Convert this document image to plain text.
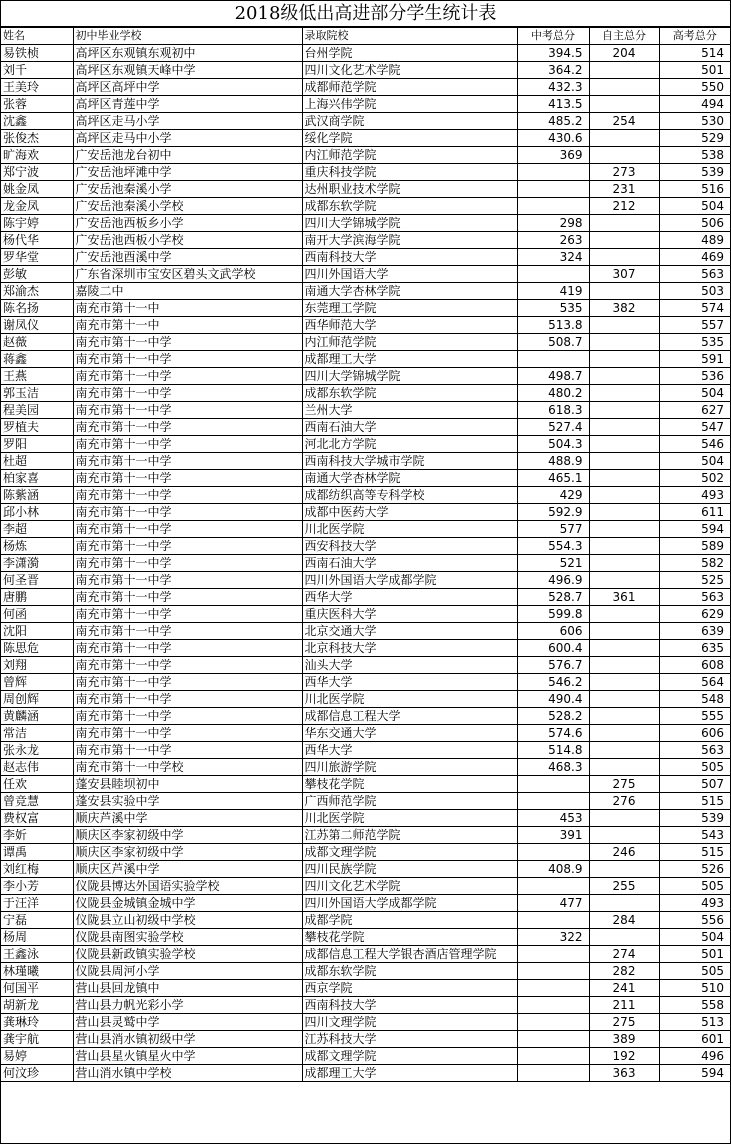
2018级低出高进部分学生统计表
姓名	初中毕业学校	录取院校	中考总分	自主总分	高考总分
易铁桢	高坪区东观镇东观初中	台州学院	394.5	204	514
刘千	高坪区东观镇天峰中学	四川文化艺术学院	364.2		501
王美玲	高坪区高坪中学	成都师范学院	432.3		550
张蓉	高坪区青莲中学	上海兴伟学院	413.5		494
沈鑫	高坪区走马小学	武汉商学院	485.2	254	530
张俊杰	高坪区走马中小学	绥化学院	430.6		529
旷海欢	广安岳池龙台初中	内江师范学院	369		538
郑宁波	广安岳池坪滩中学	重庆科技学院		273	539
姚金凤	广安岳池秦溪小学	达州职业技术学院		231	516
龙金凤	广安岳池秦溪小学校	成都东软学院		212	504
陈宇婷	广安岳池西板乡小学	四川大学锦城学院	298		506
杨代华	广安岳池西板小学校	南开大学滨海学院	263		489
罗华堂	广安岳池酉溪中学	西南科技大学	324		469
彭敏	广东省深圳市宝安区碧头文武学校	四川外国语大学		307	563
郑渝杰	嘉陵二中	南通大学杏林学院	419		503
陈名扬	南充市第十一中	东莞理工学院	535	382	574
谢凤仪	南充市第十一中	西华师范大学	513.8		557
赵薇	南充市第十一中学	内江师范学院	508.7		535
蒋鑫	南充市第十一中学	成都理工大学			591
王燕	南充市第十一中学	四川大学锦城学院	498.7		536
郭玉洁	南充市第十一中学	成都东软学院	480.2		504
程美园	南充市第十一中学	兰州大学	618.3		627
罗植夫	南充市第十一中学	西南石油大学	527.4		547
罗阳	南充市第十一中学	河北北方学院	504.3		546
杜超	南充市第十一中学	西南科技大学城市学院	488.9		504
柏家喜	南充市第十一中学	南通大学杏林学院	465.1		502
陈紫涵	南充市第十一中学	成都纺织高等专科学校	429		493
邱小林	南充市第十一中学	成都中医药大学	592.9		611
李超	南充市第十一中学	川北医学院	577		594
杨炼	南充市第十一中学	西安科技大学	554.3		589
李潇漪	南充市第十一中学	西南石油大学	521		582
何圣晋	南充市第十一中学	四川外国语大学成都学院	496.9		525
唐鹏	南充市第十一中学	西华大学	528.7	361	563
何函	南充市第十一中学	重庆医科大学	599.8		629
沈阳	南充市第十一中学	北京交通大学	606		639
陈思危	南充市第十一中学	北京科技大学	600.4		635
刘翔	南充市第十一中学	汕头大学	576.7		608
曾辉	南充市第十一中学	西华大学	546.2		564
周创辉	南充市第十一中学	川北医学院	490.4		548
黄麟涵	南充市第十一中学	成都信息工程大学	528.2		555
常洁	南充市第十一中学	华东交通大学	574.6		606
张永龙	南充市第十一中学	西华大学	514.8		563
赵志伟	南充市第十一中学校	四川旅游学院	468.3		505
任欢	蓬安县睦坝初中	攀枝花学院		275	507
曾竞慧	蓬安县实验中学	广西师范学院		276	515
费权富	顺庆芦溪中学	川北医学院	453		539
李妡	顺庆区李家初级中学	江苏第二师范学院	391		543
谭禹	顺庆区李家初级中学	成都文理学院		246	515
刘红梅	顺庆区芦溪中学	四川民族学院	408.9		526
李小芳	仪陇县博达外国语实验学校	四川文化艺术学院		255	505
于汪洋	仪陇县金城镇金城中学	四川外国语大学成都学院	477		493
宁磊	仪陇县立山初级中学校	成都学院		284	556
杨周	仪陇县南图实验学校	攀枝花学院	322		504
王鑫泳	仪陇县新政镇实验学校	成都信息工程大学银杏酒店管理学院		274	501
林瑾曦	仪陇县周河小学	成都东软学院		282	505
何国平	营山县回龙镇中	西京学院		241	510
胡新龙	营山县力帆光彩小学	西南科技大学		211	558
龚琳玲	营山县灵鹫中学	四川文理学院		275	513
龚宇航	营山县消水镇初级中学	江苏科技大学		389	601
易婷	营山县星火镇星火中学	成都文理学院		192	496
何汶珍	营山消水镇中学校	成都理工大学		363	594
